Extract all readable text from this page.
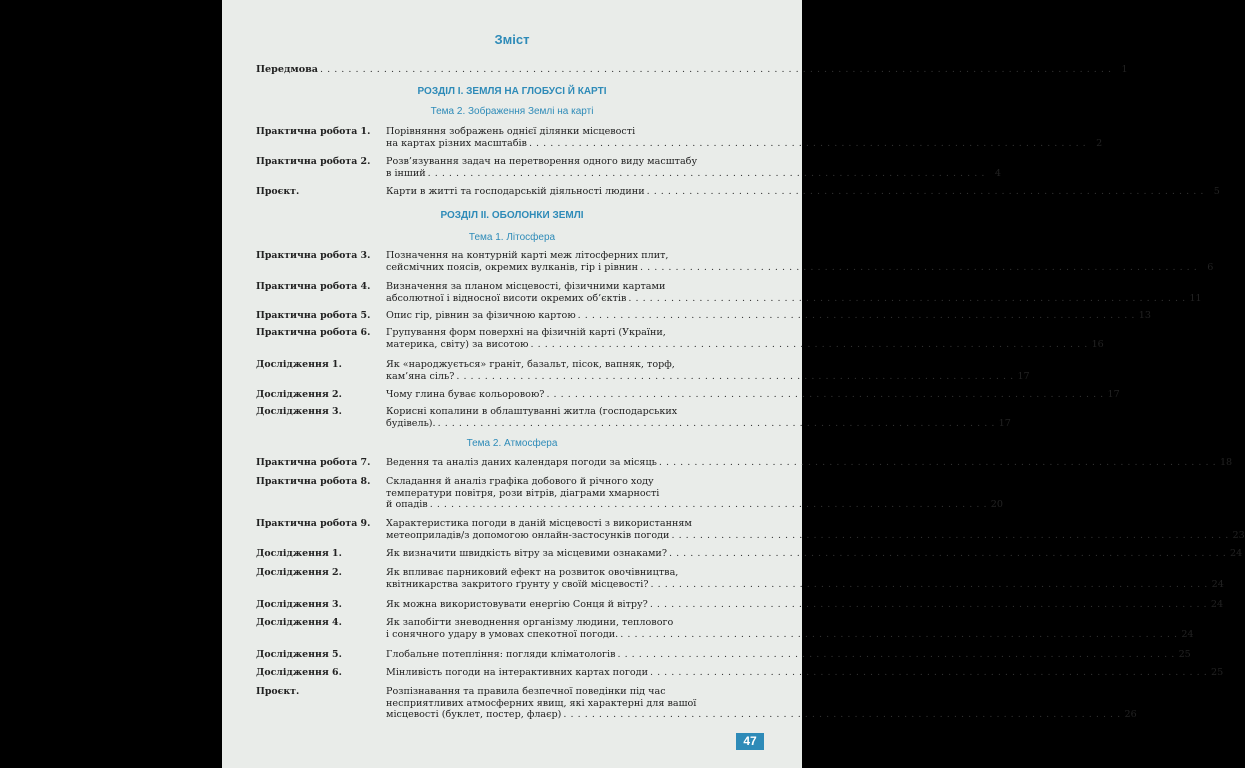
Зміст
Передмова . . . . . . . . . . . . . . . . . . . . . . . . . . . . . . . . . . . . . . . . . . . . . . . . . . . . . . . . . . . . . . . . . . . . . . . . . . . . . . . . . . . . . . . . . . . . . . . . . . . . . . . . . . . . . . . .	1
РОЗДІЛ І. ЗЕМЛЯ НА ГЛОБУСІ Й КАРТІ
Тема 2. Зображення Землі на карті
РОЗДІЛ ІІ. ОБОЛОНКИ ЗЕМЛІ
Тема 1. Літосфера
Тема 2. Атмосфера
Практична робота 1. Порівняння зображень однієї ділянки місцевості
на картах різних масштабів . . . . . . . . . . . . . . . . . . . . . . . . . . . . . . . . . . . . . . . . . . . . . . . . . . . . . . . . . . . . . . . . . . . . . . . . . . . . . . .	2
Практична робота 2. Розв’язування задач на перетворення одного виду масштабу
в інший . . . . . . . . . . . . . . . . . . . . . . . . . . . . . . . . . . . . . . . . . . . . . . . . . . . . . . . . . . . . . . . . . . . . . . . . . . . . . . .	4
Проєкт.	Карти в житті та господарській діяльності людини . . . . . . . . . . . . . . . . . . . . . . . . . . . . . . . . . . . . . . . . . . . . . . . . . . . . . . . . . . . . . . . . . . . . . . . . . . . . . . .	5
Практична робота 3. Позначення на контурній карті меж літосферних плит,
сейсмічних поясів, окремих вулканів, гір і рівнин . . . . . . . . . . . . . . . . . . . . . . . . . . . . . . . . . . . . . . . . . . . . . . . . . . . . . . . . . . . . . . . . . . . . . . . . . . . . . . .	6
Практична робота 4. Визначення за планом місцевості, фізичними картами
абсолютної і відносної висоти окремих об’єктів . . . . . . . . . . . . . . . . . . . . . . . . . . . . . . . . . . . . . . . . . . . . . . . . . . . . . . . . . . . . . . . . . . . . . . . . . . . . . . . 11
Практична робота 5. Опис гір, рівнин за фізичною картою . . . . . . . . . . . . . . . . . . . . . . . . . . . . . . . . . . . . . . . . . . . . . . . . . . . . . . . . . . . . . . . . . . . . . . . . . . . . . . . 13
Практична робота 6. Групування форм поверхні на фізичній карті (України,
материка, світу) за висотою . . . . . . . . . . . . . . . . . . . . . . . . . . . . . . . . . . . . . . . . . . . . . . . . . . . . . . . . . . . . . . . . . . . . . . . . . . . . . . . 16
Дослідження 1.	Як «народжується» граніт, базальт, пісок, вапняк, торф,
кам’яна сіль? . . . . . . . . . . . . . . . . . . . . . . . . . . . . . . . . . . . . . . . . . . . . . . . . . . . . . . . . . . . . . . . . . . . . . . . . . . . . . . . 17
Дослідження 2.	Чому глина буває кольоровою? . . . . . . . . . . . . . . . . . . . . . . . . . . . . . . . . . . . . . . . . . . . . . . . . . . . . . . . . . . . . . . . . . . . . . . . . . . . . . . . 17
Дослідження 3.	Корисні копалини в облаштуванні житла (господарських
будівель). . . . . . . . . . . . . . . . . . . . . . . . . . . . . . . . . . . . . . . . . . . . . . . . . . . . . . . . . . . . . . . . . . . . . . . . . . . . . . . . 17
Практична робота 7. Ведення та аналіз даних календаря погоди за місяць . . . . . . . . . . . . . . . . . . . . . . . . . . . . . . . . . . . . . . . . . . . . . . . . . . . . . . . . . . . . . . . . . . . . . . . . . . . . . . . 18
Практична робота 8. Складання й аналіз графіка добового й річного ходу
температури повітря, рози вітрів, діаграми хмарності
й опадів . . . . . . . . . . . . . . . . . . . . . . . . . . . . . . . . . . . . . . . . . . . . . . . . . . . . . . . . . . . . . . . . . . . . . . . . . . . . . . . 20
Практична робота 9. Характеристика погоди в даній місцевості з використанням
метеоприладів/з допомогою онлайн-застосунків погоди . . . . . . . . . . . . . . . . . . . . . . . . . . . . . . . . . . . . . . . . . . . . . . . . . . . . . . . . . . . . . . . . . . . . . . . . . . . . . . . 23
Дослідження 1.	Як визначити швидкість вітру за місцевими ознаками? . . . . . . . . . . . . . . . . . . . . . . . . . . . . . . . . . . . . . . . . . . . . . . . . . . . . . . . . . . . . . . . . . . . . . . . . . . . . . . . 24
Дослідження 2.	Як впливає парниковий ефект на розвиток овочівництва,
квітникарства закритого ґрунту у своїй місцевості? . . . . . . . . . . . . . . . . . . . . . . . . . . . . . . . . . . . . . . . . . . . . . . . . . . . . . . . . . . . . . . . . . . . . . . . . . . . . . . . 24
Дослідження 3.	Як можна використовувати енергію Сонця й вітру? . . . . . . . . . . . . . . . . . . . . . . . . . . . . . . . . . . . . . . . . . . . . . . . . . . . . . . . . . . . . . . . . . . . . . . . . . . . . . . . 24
Дослідження 4.	Як запобігти зневоднення організму людини, теплового
і сонячного удару в умовах спекотної погоди. . . . . . . . . . . . . . . . . . . . . . . . . . . . . . . . . . . . . . . . . . . . . . . . . . . . . . . . . . . . . . . . . . . . . . . . . . . . . . . . 24
Дослідження 5.	Глобальне потепління: погляди кліматологів . . . . . . . . . . . . . . . . . . . . . . . . . . . . . . . . . . . . . . . . . . . . . . . . . . . . . . . . . . . . . . . . . . . . . . . . . . . . . . . 25
Дослідження 6.	Мінливість погоди на інтерактивних картах погоди . . . . . . . . . . . . . . . . . . . . . . . . . . . . . . . . . . . . . . . . . . . . . . . . . . . . . . . . . . . . . . . . . . . . . . . . . . . . . . . 25
Проєкт.	Розпізнавання та правила безпечної поведінки під час
несприятливих атмосферних явищ, які характерні для вашої
місцевості (буклет, постер, флаєр) . . . . . . . . . . . . . . . . . . . . . . . . . . . . . . . . . . . . . . . . . . . . . . . . . . . . . . . . . . . . . . . . . . . . . . . . . . . . . . . 26
47
